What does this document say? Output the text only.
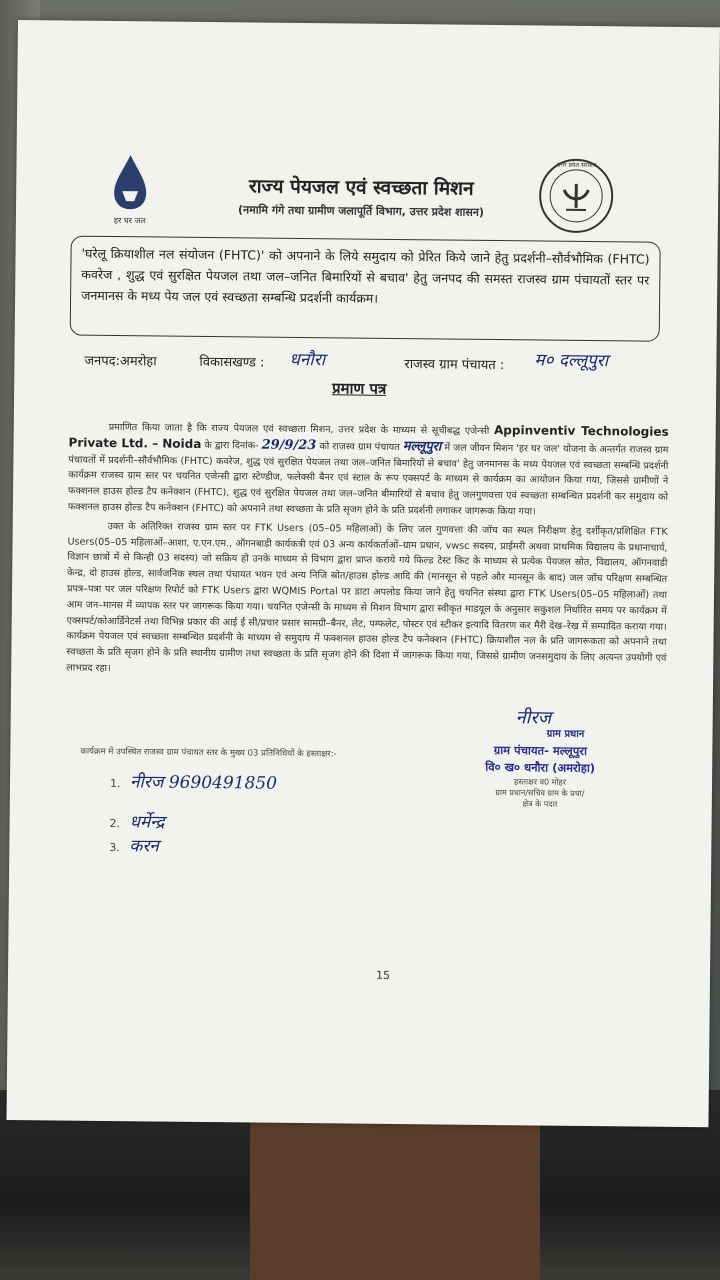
हर घर जल
उत्तर प्रदेश सरकार
राज्य पेयजल एवं स्वच्छता मिशन
(नमामि गंगे तथा ग्रामीण जलापूर्ति विभाग, उत्तर प्रदेश शासन)
'घरेलू क्रियाशील नल संयोजन (FHTC)' को अपनाने के लिये समुदाय को प्रेरित किये जाने हेतु प्रदर्शनी–सौर्वभौमिक (FHTC) कवरेज , शुद्ध एवं सुरक्षित पेयजल तथा जल–जनित बिमारियों से बचाव' हेतु जनपद की समस्त राजस्व ग्राम पंचायतों स्तर पर जनमानस के मध्य पेय जल एवं स्वच्छता सम्बन्धि प्रदर्शनी कार्यक्रम।
जनपद:अमरोहा	विकासखण्ड : धनौरा	राजस्व ग्राम पंचायत : म० दल्लूपुरा
प्रमाण पत्र

प्रमाणित किया जाता है कि राज्य पेयजल एवं स्वच्छता मिशन, उत्तर प्रदेश के माध्यम से सूचीबद्ध एजेन्सी Appinventiv Technologies Private Ltd. – Noida के द्वारा दिनांक- 29/9/23 को राजस्व ग्राम पंचायत मल्लूपुरा में जल जीवन मिशन 'हर घर जल' योजना के अन्तर्गत राजस्व ग्राम पंचायतों में प्रदर्शनी–सौर्वभौमिक (FHTC) कवरेज, शुद्ध एवं सुरक्षित पेयजल तथा जल–जनित बिमारियों से बचाव' हेतु जनमानस के मध्य पेयजल एवं स्वच्छता सम्बन्धि प्रदर्शनी कार्यक्रम राजस्व ग्राम स्तर पर चयनित एजेन्सी द्वारा स्टेण्डीज, फलेक्सी बैनर एवं स्टाल के रूप एक्सपर्ट के माध्यम से कार्यक्रम का आयोजन किया गया, जिससे ग्रामीणों ने फक्शनल हाउस होल्ड टैप कनेक्शन (FHTC), शुद्ध एवं सुरक्षित पेयजल तथा जल–जनित बीमारियों से बचाव हेतु जलगुणवत्ता एवं स्वच्छता सम्बन्धित प्रदर्शनी कर समुदाय को फक्शनल हाउस होल्ड टैप कनेक्शन (FHTC) को अपनाने तथा स्वच्छता के प्रति सृजग होने के प्रति प्रदर्शनी लगाकर जागरूक किया गया।

उक्त के अतिरिक्त राजस्व ग्राम स्तर पर FTK Users (05–05 महिलाओं) के लिए जल गुणवत्ता की जॉच का स्थल निरीक्षण हेतु दर्शीकृत/प्रशिक्षित FTK Users(05–05 महिलाओं–आशा, ए.एन.एम., ऑगनबाडी कार्यकत्री एवं 03 अन्य कार्यकर्ताओं–ग्राम प्रधान, vwsc सदस्य, प्राईमरी अथवा प्राथमिक विद्यालय के प्रधानाचार्य, विज्ञान छात्रों में से किन्ही 03 सदस्य) जो सक्रिय हो उनके माध्यम से विभाग द्वारा प्राप्त कराये गये फिल्ड टेस्ट किट के माध्यम से प्रत्येक पेयजल स्रोत, विद्यालय, ऑगनवाडी केन्द्र, दो हाउस होल्ड, सार्वजनिक स्थल तथा पंचायत भवन एवं अन्य निजि स्रोत/हाउस होल्ड आदि की (मानसून से पहले और मानसून के बाद) जल जॉच परिक्षण सम्बन्धित प्रपत्र–पत्रा पर जल परिक्षण रिपोर्ट को FTK Users द्वारा WQMIS Portal पर डाटा अपलोड किया जाने हेतु चयनित संस्था द्वारा FTK Users(05–05 महिलाओं) तथा आम जन–मानस में व्यापक स्तर पर जागरूक किया गया। चयनित एजेन्सी के माध्यम से मिशन विभाग द्वारा स्वीकृत माडयूल के अनुसार सकुशल निर्धारित समय पर कार्यक्रम में एक्सपर्ट/कोआर्डिनेटर्स तथा विभिन्न प्रकार की आई ई सी/प्रचार प्रसार सामग्री–बैनर, लेट, पम्फलेट, पोस्टर एवं स्टीकर इत्यादि वितरण कर मैरी देख–रेख में सम्पादित कराया गया। कार्यक्रम पेयजल एवं स्वच्छता सम्बन्धित प्रदर्शनी के माध्यम से समुदाय में फक्शनल हाउस होल्ड टैप कनेक्शन (FHTC) क्रियाशील नल के प्रति जागरूकता को अपनाने तथा स्वच्छता के प्रति सृजग होने के प्रति स्थानीय ग्रामीण तथा स्वच्छता के प्रति सृजग होने की दिशा में जागरूक किया गया, जिससे ग्रामीण जनसमुदाय के लिए अत्यन्त उपयोगी एवं लाभप्रद रहा।

नीरज
ग्राम प्रधान
ग्राम पंचायत- मल्लूपुरा
वि० ख० धनौरा (अमरोहा)
हस्ताक्षर व0 मोहर
ग्राम प्रधान/सचिव ग्राम के प्रधा/
क्षेत्र के पदत
कार्यक्रम में उपस्थित राजस्व ग्राम पंचायत स्तर के मुख्य 03 प्रतिनिधियों के हस्ताक्षर:-
1. नीरज 9690491850
2. धर्मेन्द्र
3. करन
15
